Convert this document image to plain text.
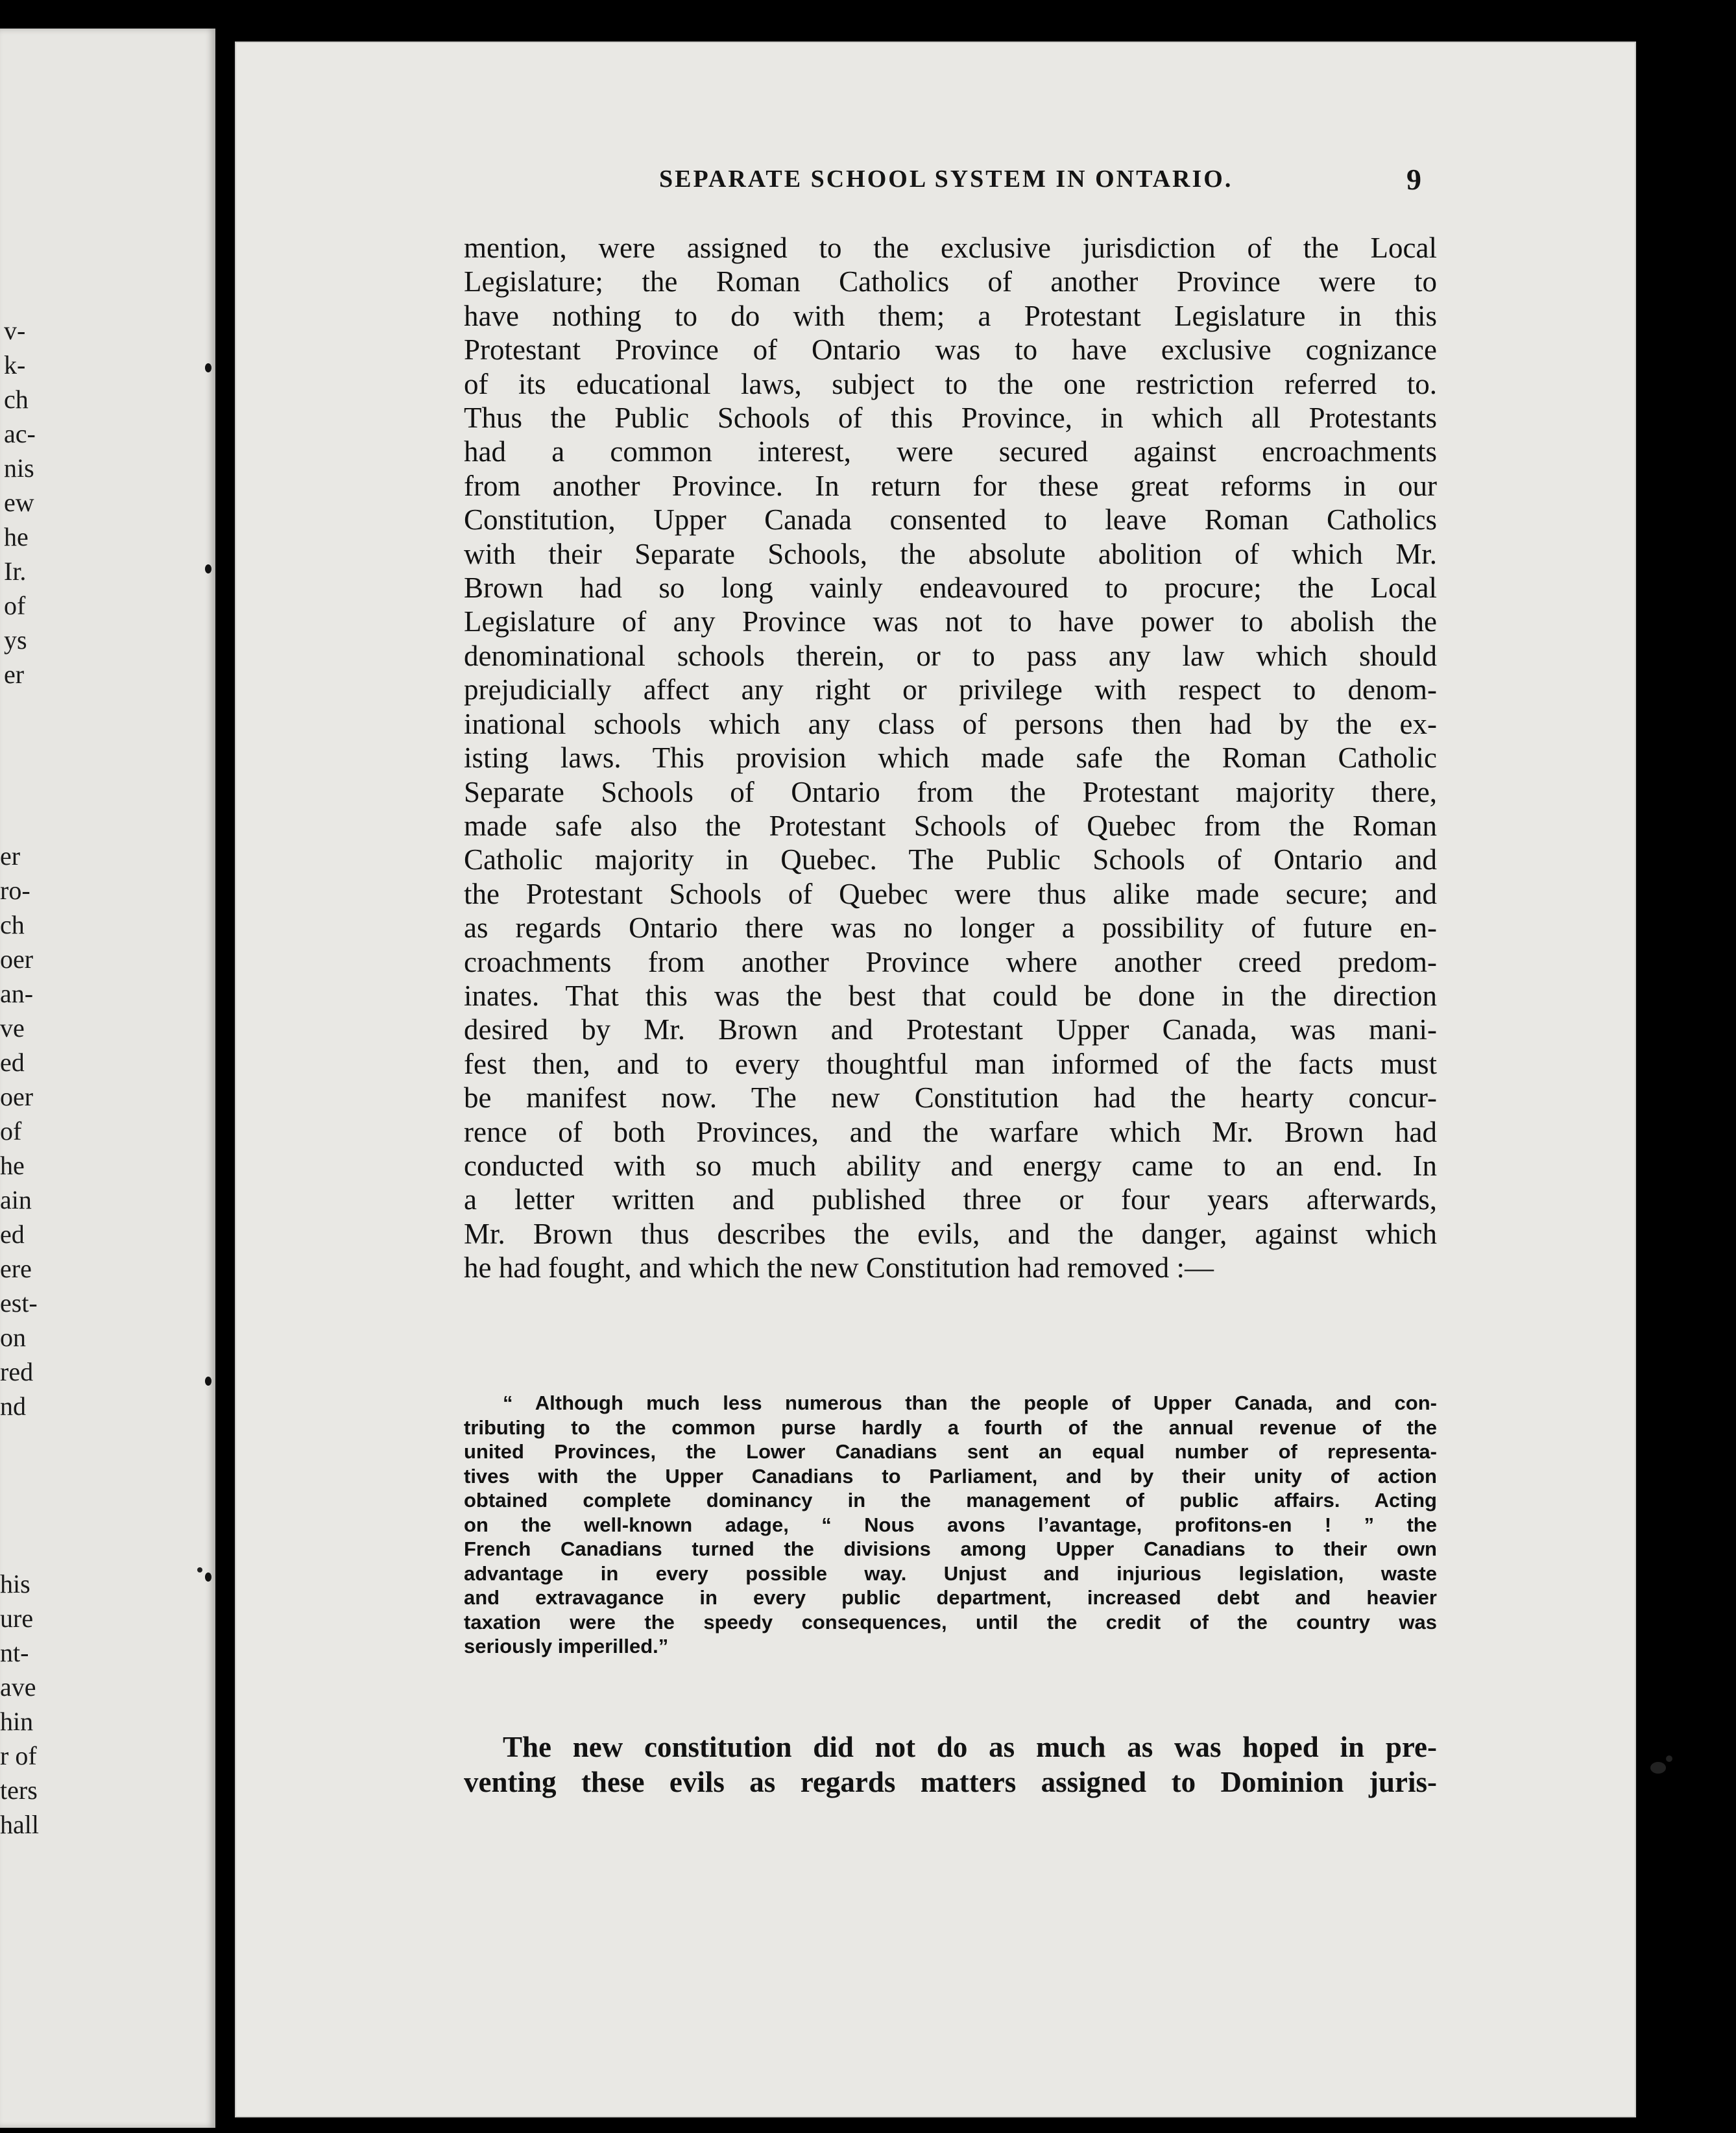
v-
k-
ch
ac-
nis
ew
he
Ir.
of
ys
er
er
ro-
ch
oer
an-
ve
ed
oer
of
he
ain
ed
ere
est-
on
red
nd
his
ure
nt-
ave
hin
r of
ters
hall
SEPARATE SCHOOL SYSTEM IN ONTARIO.	9
mention, were assigned to the exclusive jurisdiction of the Local
Legislature; the Roman Catholics of another Province were to
have nothing to do with them; a Protestant Legislature in this
Protestant Province of Ontario was to have exclusive cognizance
of its educational laws, subject to the one restriction referred to.
Thus the Public Schools of this Province, in which all Protestants
had a common interest, were secured against encroachments
from another Province. In return for these great reforms in our
Constitution, Upper Canada consented to leave Roman Catholics
with their Separate Schools, the absolute abolition of which Mr.
Brown had so long vainly endeavoured to procure; the Local
Legislature of any Province was not to have power to abolish the
denominational schools therein, or to pass any law which should
prejudicially affect any right or privilege with respect to denom-
inational schools which any class of persons then had by the ex-
isting laws. This provision which made safe the Roman Catholic
Separate Schools of Ontario from the Protestant majority there,
made safe also the Protestant Schools of Quebec from the Roman
Catholic majority in Quebec. The Public Schools of Ontario and
the Protestant Schools of Quebec were thus alike made secure; and
as regards Ontario there was no longer a possibility of future en-
croachments from another Province where another creed predom-
inates. That this was the best that could be done in the direction
desired by Mr. Brown and Protestant Upper Canada, was mani-
fest then, and to every thoughtful man informed of the facts must
be manifest now. The new Constitution had the hearty concur-
rence of both Provinces, and the warfare which Mr. Brown had
conducted with so much ability and energy came to an end. In
a letter written and published three or four years afterwards,
Mr. Brown thus describes the evils, and the danger, against which
he had fought, and which the new Constitution had removed :—
“ Although much less numerous than the people of Upper Canada, and con-
tributing to the common purse hardly a fourth of the annual revenue of the
united Provinces, the Lower Canadians sent an equal number of representa-
tives with the Upper Canadians to Parliament, and by their unity of action
obtained complete dominancy in the management of public affairs. Acting
on the well-known adage, “ Nous avons l’avantage, profitons-en ! ” the
French Canadians turned the divisions among Upper Canadians to their own
advantage in every possible way. Unjust and injurious legislation, waste
and extravagance in every public department, increased debt and heavier
taxation were the speedy consequences, until the credit of the country was
seriously imperilled.”
The new constitution did not do as much as was hoped in pre-
venting these evils as regards matters assigned to Dominion juris-
